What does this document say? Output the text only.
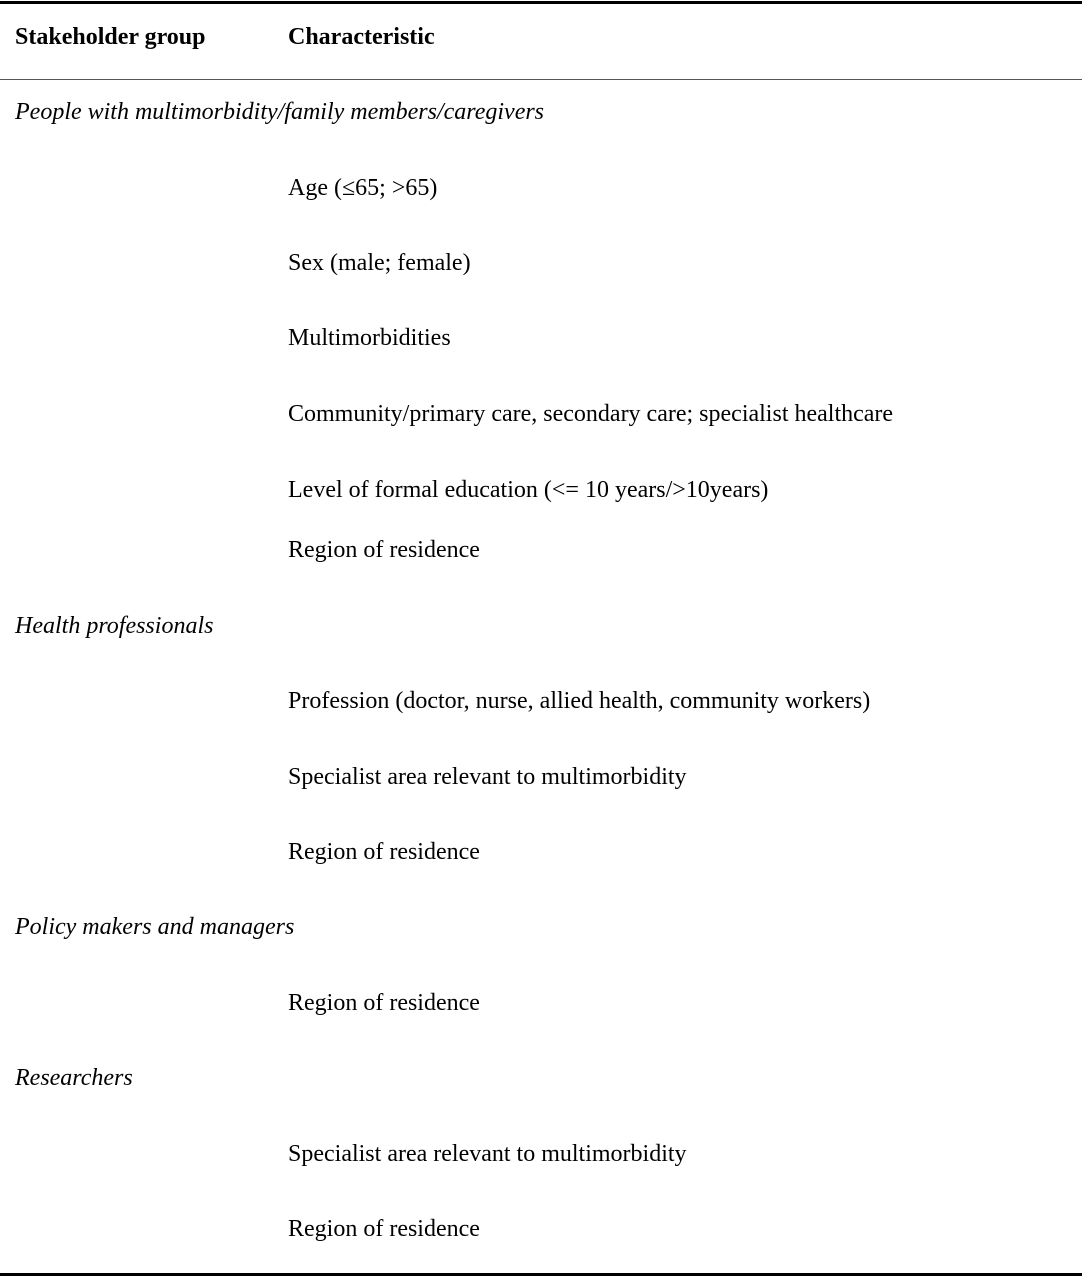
Stakeholder group	Characteristic
People with multimorbidity/family members/caregivers
Age (≤65; >65)
Sex (male; female)
Multimorbidities
Community/primary care, secondary care; specialist healthcare
Level of formal education (<= 10 years/>10years)
Region of residence
Health professionals
Profession (doctor, nurse, allied health, community workers)
Specialist area relevant to multimorbidity
Region of residence
Policy makers and managers
Region of residence
Researchers
Specialist area relevant to multimorbidity
Region of residence
